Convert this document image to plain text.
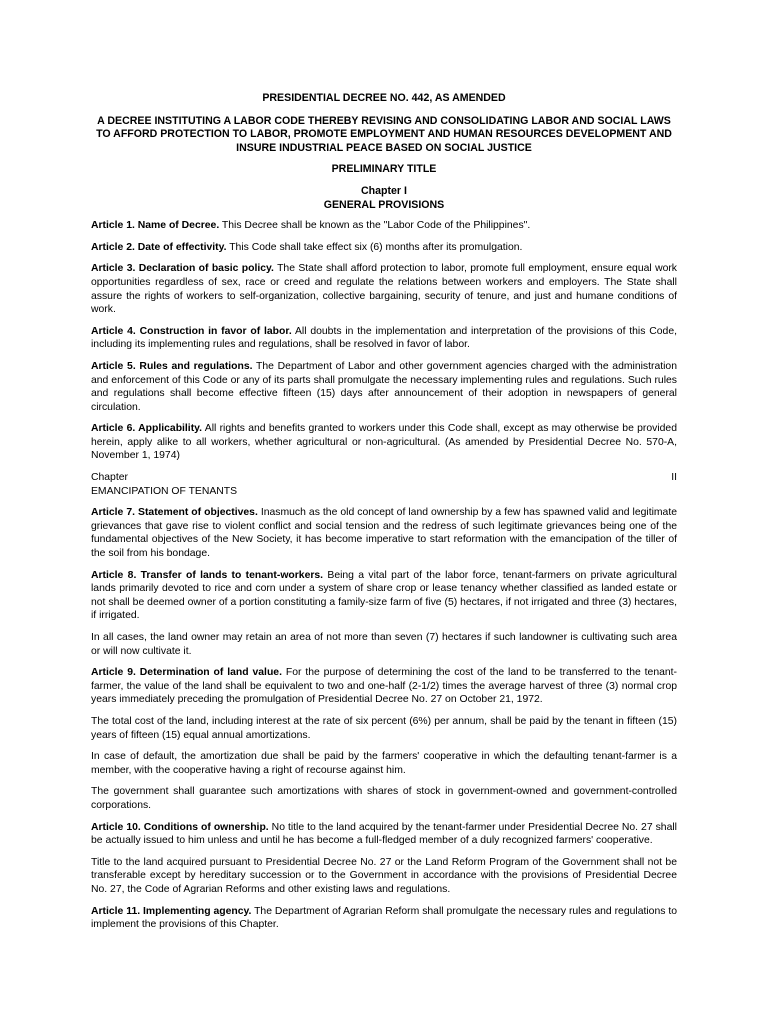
PRESIDENTIAL DECREE NO. 442, AS AMENDED
A DECREE INSTITUTING A LABOR CODE THEREBY REVISING AND CONSOLIDATING LABOR AND SOCIAL LAWS TO AFFORD PROTECTION TO LABOR, PROMOTE EMPLOYMENT AND HUMAN RESOURCES DEVELOPMENT AND INSURE INDUSTRIAL PEACE BASED ON SOCIAL JUSTICE
PRELIMINARY TITLE
Chapter I
GENERAL PROVISIONS

Article 1. Name of Decree. This Decree shall be known as the "Labor Code of the Philippines".

Article 2. Date of effectivity. This Code shall take effect six (6) months after its promulgation.

Article 3. Declaration of basic policy. The State shall afford protection to labor, promote full employment, ensure equal work opportunities regardless of sex, race or creed and regulate the relations between workers and employers. The State shall assure the rights of workers to self-organization, collective bargaining, security of tenure, and just and humane conditions of work.

Article 4. Construction in favor of labor. All doubts in the implementation and interpretation of the provisions of this Code, including its implementing rules and regulations, shall be resolved in favor of labor.

Article 5. Rules and regulations. The Department of Labor and other government agencies charged with the administration and enforcement of this Code or any of its parts shall promulgate the necessary implementing rules and regulations. Such rules and regulations shall become effective fifteen (15) days after announcement of their adoption in newspapers of general circulation.

Article 6. Applicability. All rights and benefits granted to workers under this Code shall, except as may otherwise be provided herein, apply alike to all workers, whether agricultural or non-agricultural. (As amended by Presidential Decree No. 570-A, November 1, 1974)

Chapter	II
EMANCIPATION OF TENANTS

Article 7. Statement of objectives. Inasmuch as the old concept of land ownership by a few has spawned valid and legitimate grievances that gave rise to violent conflict and social tension and the redress of such legitimate grievances being one of the fundamental objectives of the New Society, it has become imperative to start reformation with the emancipation of the tiller of the soil from his bondage.

Article 8. Transfer of lands to tenant-workers. Being a vital part of the labor force, tenant-farmers on private agricultural lands primarily devoted to rice and corn under a system of share crop or lease tenancy whether classified as landed estate or not shall be deemed owner of a portion constituting a family-size farm of five (5) hectares, if not irrigated and three (3) hectares, if irrigated.

In all cases, the land owner may retain an area of not more than seven (7) hectares if such landowner is cultivating such area or will now cultivate it.

Article 9. Determination of land value. For the purpose of determining the cost of the land to be transferred to the tenant-farmer, the value of the land shall be equivalent to two and one-half (2-1/2) times the average harvest of three (3) normal crop years immediately preceding the promulgation of Presidential Decree No. 27 on October 21, 1972.

The total cost of the land, including interest at the rate of six percent (6%) per annum, shall be paid by the tenant in fifteen (15) years of fifteen (15) equal annual amortizations.

In case of default, the amortization due shall be paid by the farmers' cooperative in which the defaulting tenant-farmer is a member, with the cooperative having a right of recourse against him.

The government shall guarantee such amortizations with shares of stock in government-owned and government-controlled corporations.

Article 10. Conditions of ownership. No title to the land acquired by the tenant-farmer under Presidential Decree No. 27 shall be actually issued to him unless and until he has become a full-fledged member of a duly recognized farmers' cooperative.

Title to the land acquired pursuant to Presidential Decree No. 27 or the Land Reform Program of the Government shall not be transferable except by hereditary succession or to the Government in accordance with the provisions of Presidential Decree No. 27, the Code of Agrarian Reforms and other existing laws and regulations.

Article 11. Implementing agency. The Department of Agrarian Reform shall promulgate the necessary rules and regulations to implement the provisions of this Chapter.
